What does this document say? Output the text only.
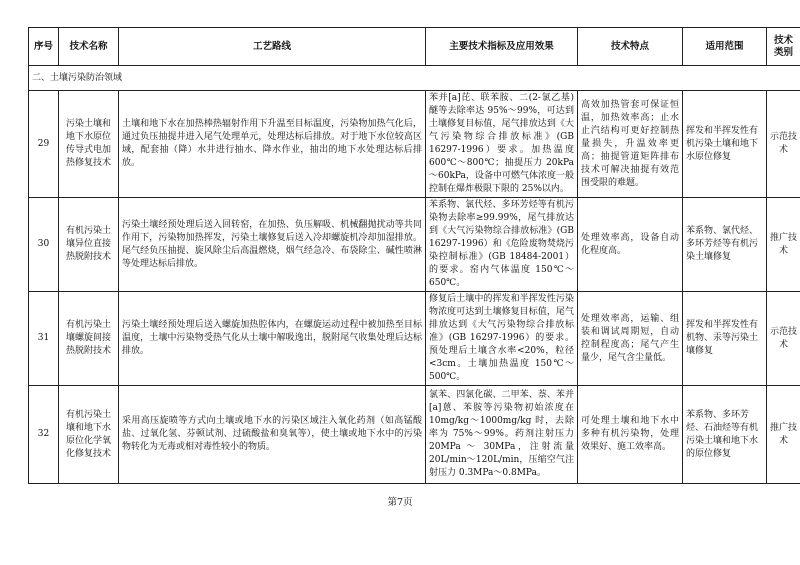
序号	技术名称	工艺路线	主要技术指标及应用效果	技术特点	适用范围	技术类别
二、土壤污染防治领域						
29	污染土壤和地下水原位传导式电加热修复技术	土壤和地下水在加热棒热辐射作用下升温至目标温度，污染物加热气化后，通过负压抽提井进入尾气处理单元，处理达标后排放。对于地下水位较高区域，配套抽（降）水井进行抽水、降水作业，抽出的地下水处理达标后排放。	苯并[a]芘、联苯胺、二(2-氯乙基)醚等去除率达 95%～99%，可达到土壤修复目标值，尾气排放达到《大气污染物综合排放标准》(GB 16297-1996）要求。加热温度600℃～800℃；抽提压力 20kPa～60kPa，设备中可燃气体浓度一般控制在爆炸极限下限的 25%以内。	高效加热管套可保证恒温，加热效率高；止水止汽结构可更好控制热量损失，升温效率更高；抽提管道矩阵排布技术可解决抽提有效范围受限的难题。	挥发和半挥发性有机污染土壤和地下水原位修复	示范技术
30	有机污染土壤异位直接热脱附技术	污染土壤经预处理后送入回转窑，在加热、负压解吸、机械翻抛扰动等共同作用下，污染物加热挥发，污染土壤修复后送入冷却螺旋机冷却加湿排放。尾气经负压抽提、旋风除尘后高温燃烧，烟气经急冷、布袋除尘、碱性喷淋等处理达标后排放。	苯系物、氯代烃、多环芳烃等有机污染物去除率≥99.99%，尾气排放达到《大气污染物综合排放标准》(GB 16297-1996）和《危险废物焚烧污染控制标准》(GB 18484-2001）的要求。窑内气体温度 150℃～650℃。	处理效率高，设备自动化程度高。	苯系物、氯代烃、多环芳烃等有机污染土壤修复	推广技术
31	有机污染土壤螺旋间接热脱附技术	污染土壤经预处理后送入螺旋加热腔体内，在螺旋运动过程中被加热至目标温度，土壤中污染物受热气化从土壤中解吸逸出，脱附尾气收集处理后达标排放。	修复后土壤中的挥发和半挥发性污染物浓度可达到土壤修复目标值，尾气排放达到《大气污染物综合排放标准》(GB 16297-1996）的要求。预处理后土壤含水率<20%，粒径<3cm。土壤加热温度 150℃～500℃。	处理效率高，运输、组装和调试周期短，自动控制程度高；尾气产生量少，尾气含尘量低。	挥发和半挥发性有机物、汞等污染土壤修复	示范技术
32	有机污染土壤和地下水原位化学氧化修复技术	采用高压旋喷等方式向土壤或地下水的污染区域注入氧化药剂（如高锰酸盐、过氧化氢、芬顿试剂、过硫酸盐和臭氧等），使土壤或地下水中的污染物转化为无毒或相对毒性较小的物质。	氯苯、四氯化碳、二甲苯、萘、苯并[a]蒽、苯胺等污染物初始浓度在 10mg/kg～1000mg/kg 时，去除率为 75%～99%。药剂注射压力 20MPa ～ 30MPa，注射流量 20L/min～120L/min，压缩空气注射压力 0.3MPa～0.8MPa。	可处理土壤和地下水中多种有机污染物，处理效果好、施工效率高。	苯系物、多环芳烃、石油烃等有机污染土壤和地下水的原位修复	推广技术
第7页
